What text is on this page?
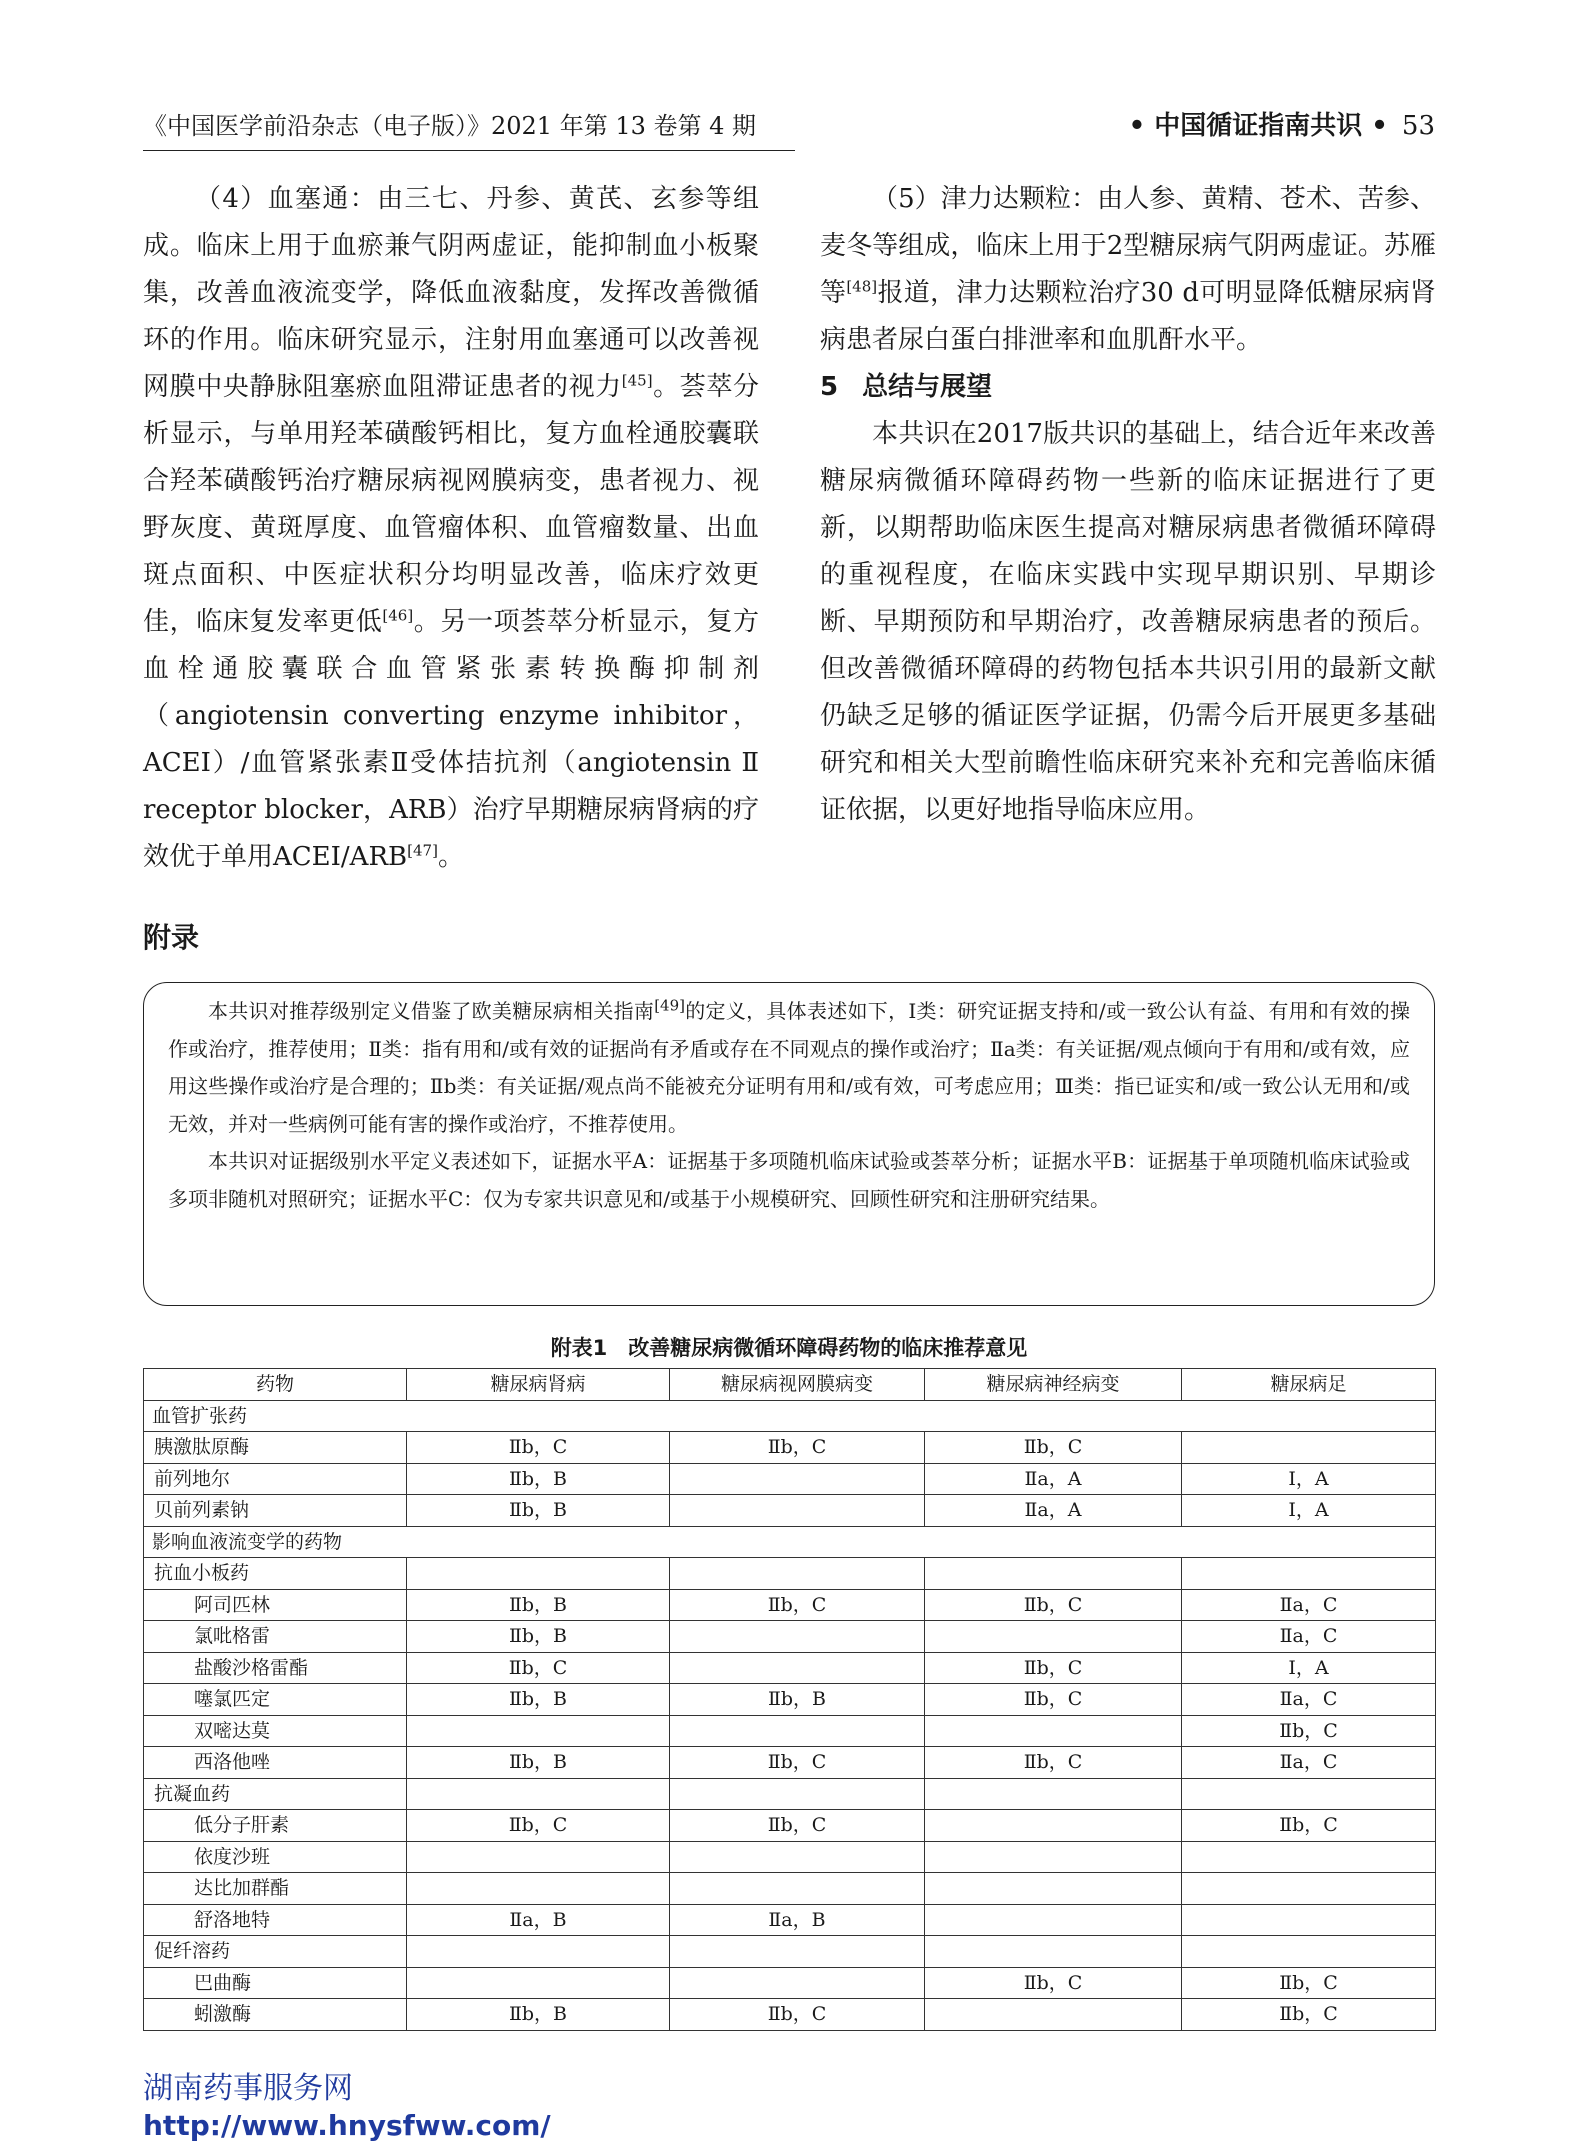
《中国医学前沿杂志（电子版）》2021 年第 13 卷第 4 期	• 中国循证指南共识 • 53

（4）血塞通：由三七、丹参、黄芪、玄参等组成。临床上用于血瘀兼气阴两虚证，能抑制血小板聚集，改善血液流变学，降低血液黏度，发挥改善微循环的作用。临床研究显示，注射用血塞通可以改善视网膜中央静脉阻塞瘀血阻滞证患者的视力[45]。荟萃分析显示，与单用羟苯磺酸钙相比，复方血栓通胶囊联合羟苯磺酸钙治疗糖尿病视网膜病变，患者视力、视野灰度、黄斑厚度、血管瘤体积、血管瘤数量、出血斑点面积、中医症状积分均明显改善，临床疗效更佳，临床复发率更低[46]。另一项荟萃分析显示，复方血栓通胶囊联合血管紧张素转换酶抑制剂（angiotensin converting enzyme inhibitor，ACEI）/血管紧张素Ⅱ受体拮抗剂（angiotensin Ⅱ receptor blocker，ARB）治疗早期糖尿病肾病的疗效优于单用ACEI/ARB[47]。

（5）津力达颗粒：由人参、黄精、苍术、苦参、麦冬等组成，临床上用于2型糖尿病气阴两虚证。苏雁等[48]报道，津力达颗粒治疗30 d可明显降低糖尿病肾病患者尿白蛋白排泄率和血肌酐水平。

5 总结与展望

本共识在2017版共识的基础上，结合近年来改善糖尿病微循环障碍药物一些新的临床证据进行了更新，以期帮助临床医生提高对糖尿病患者微循环障碍的重视程度，在临床实践中实现早期识别、早期诊断、早期预防和早期治疗，改善糖尿病患者的预后。但改善微循环障碍的药物包括本共识引用的最新文献仍缺乏足够的循证医学证据，仍需今后开展更多基础研究和相关大型前瞻性临床研究来补充和完善临床循证依据，以更好地指导临床应用。

附录

本共识对推荐级别定义借鉴了欧美糖尿病相关指南[49]的定义，具体表述如下，Ⅰ类：研究证据支持和/或一致公认有益、有用和有效的操作或治疗，推荐使用；Ⅱ类：指有用和/或有效的证据尚有矛盾或存在不同观点的操作或治疗；Ⅱa类：有关证据/观点倾向于有用和/或有效，应用这些操作或治疗是合理的；Ⅱb类：有关证据/观点尚不能被充分证明有用和/或有效，可考虑应用；Ⅲ类：指已证实和/或一致公认无用和/或无效，并对一些病例可能有害的操作或治疗，不推荐使用。

本共识对证据级别水平定义表述如下，证据水平A：证据基于多项随机临床试验或荟萃分析；证据水平B：证据基于单项随机临床试验或多项非随机对照研究；证据水平C：仅为专家共识意见和/或基于小规模研究、回顾性研究和注册研究结果。

附表1　改善糖尿病微循环障碍药物的临床推荐意见
药物	糖尿病肾病	糖尿病视网膜病变	糖尿病神经病变	糖尿病足
血管扩张药				
胰激肽原酶	Ⅱb，C	Ⅱb，C	Ⅱb，C	
前列地尔	Ⅱb，B		Ⅱa，A	Ⅰ，A
贝前列素钠	Ⅱb，B		Ⅱa，A	Ⅰ，A
影响血液流变学的药物				
抗血小板药				
阿司匹林	Ⅱb，B	Ⅱb，C	Ⅱb，C	Ⅱa，C
氯吡格雷	Ⅱb，B			Ⅱa，C
盐酸沙格雷酯	Ⅱb，C		Ⅱb，C	Ⅰ，A
噻氯匹定	Ⅱb，B	Ⅱb，B	Ⅱb，C	Ⅱa，C
双嘧达莫				Ⅱb，C
西洛他唑	Ⅱb，B	Ⅱb，C	Ⅱb，C	Ⅱa，C
抗凝血药				
低分子肝素	Ⅱb，C	Ⅱb，C		Ⅱb，C
依度沙班				
达比加群酯				
舒洛地特	Ⅱa，B	Ⅱa，B		
促纤溶药				
巴曲酶			Ⅱb，C	Ⅱb，C
蚓激酶	Ⅱb，B	Ⅱb，C		Ⅱb，C
湖南药事服务网
http://www.hnysfww.com/
